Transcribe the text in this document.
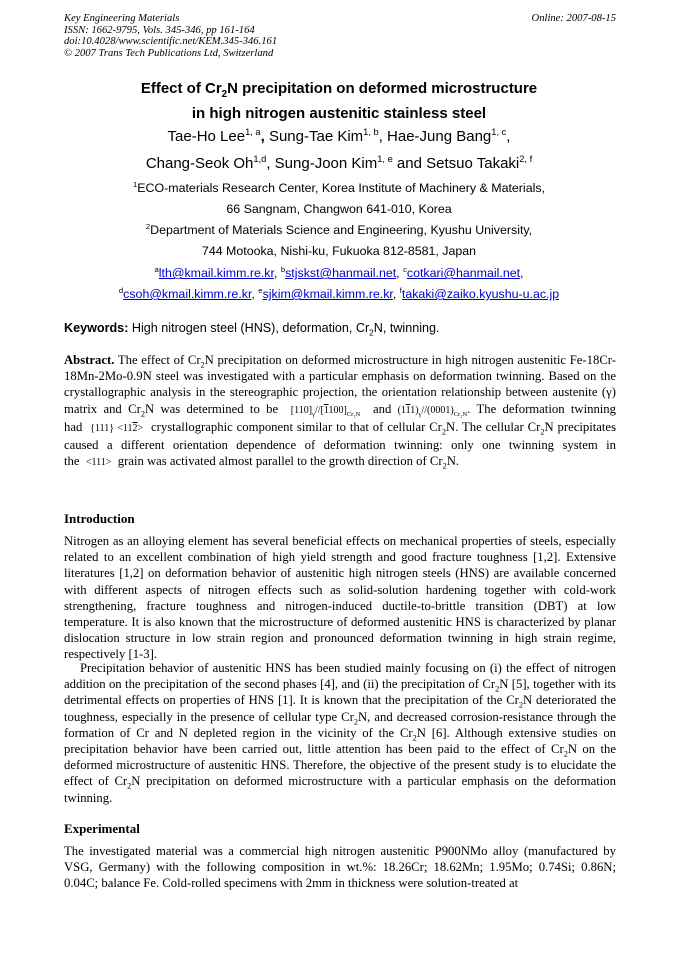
Key Engineering Materials
ISSN: 1662-9795, Vols. 345-346, pp 161-164
doi:10.4028/www.scientific.net/KEM.345-346.161
© 2007 Trans Tech Publications Ltd, Switzerland
Online: 2007-08-15
Effect of $Cr_2N$ precipitation on deformed microstructure
in high nitrogen austenitic stainless steel
Tae-Ho Lee$^{1, a}$, Sung-Tae Kim$^{1, b}$, Hae-Jung Bang$^{1, c}$,
Chang-Seok Oh$^{1,d}$, Sung-Joon Kim$^{1, e}$ and Setsuo Takaki$^{2, f}$
$^1$ECO-materials Research Center, Korea Institute of Machinery & Materials,
66 Sangnam, Changwon 641-010, Korea
$^2$Department of Materials Science and Engineering, Kyushu University,
744 Motooka, Nishi-ku, Fukuoka 812-8581, Japan
$^a$lth@kmail.kimm.re.kr, $^b$stjskst@hanmail.net, $^c$cotkari@hanmail.net,
$^d$csoh@kmail.kimm.re.kr, $^e$sjkim@kmail.kimm.re.kr, $^f$takaki@zaiko.kyushu-u.ac.jp
Keywords: High nitrogen steel (HNS), deformation, $Cr_2N$, twinning.
Abstract. The effect of $Cr_2N$ precipitation on deformed microstructure in high nitrogen austenitic Fe-18Cr-18Mn-2Mo-0.9N steel was investigated with a particular emphasis on deformation twinning. Based on the crystallographic analysis in the stereographic projection, the orientation relationship between austenite (γ) matrix and $Cr_2N$ was determined to be $[110]_\gamma//[1100]_{Cr_2N}$ and $(111)_\gamma//(0001)_{Cr_2N}$. The deformation twinning had {111} <112> crystallographic component similar to that of cellular $Cr_2N$. The cellular $Cr_2N$ precipitates caused a different orientation dependence of deformation twinning: only one twinning system in the <111> grain was activated almost parallel to the growth direction of $Cr_2N$.
Introduction
Nitrogen as an alloying element has several beneficial effects on mechanical properties of steels, especially related to an excellent combination of high yield strength and good fracture toughness [1,2]. Extensive literatures [1,2] on deformation behavior of austenitic high nitrogen steels (HNS) are available concerned with different aspects of nitrogen effects such as solid-solution hardening together with cold-work strengthening, fracture toughness and nitrogen-induced ductile-to-brittle transition (DBT) at low temperature. It is also known that the microstructure of deformed austenitic HNS is characterized by planar dislocation structure in low strain region and pronounced deformation twinning in high strain regime, respectively [1-3].
Precipitation behavior of austenitic HNS has been studied mainly focusing on (i) the effect of nitrogen addition on the precipitation of the second phases [4], and (ii) the precipitation of $Cr_2N$ [5], together with its detrimental effects on properties of HNS [1]. It is known that the precipitation of the $Cr_2N$ deteriorated the toughness, especially in the presence of cellular type $Cr_2N$, and decreased corrosion-resistance through the formation of Cr and N depleted region in the vicinity of the $Cr_2N$ [6]. Although extensive studies on precipitation behavior have been carried out, little attention has been paid to the effect of $Cr_2N$ on the deformed microstructure of austenitic HNS. Therefore, the objective of the present study is to elucidate the effect of $Cr_2N$ precipitation on deformed microstructure with a particular emphasis on the deformation twinning.
Experimental
The investigated material was a commercial high nitrogen austenitic P900NMo alloy (manufactured by VSG, Germany) with the following composition in wt.%: 18.26Cr; 18.62Mn; 1.95Mo; 0.74Si; 0.86N; 0.04C; balance Fe. Cold-rolled specimens with 2mm in thickness were solution-treated at
